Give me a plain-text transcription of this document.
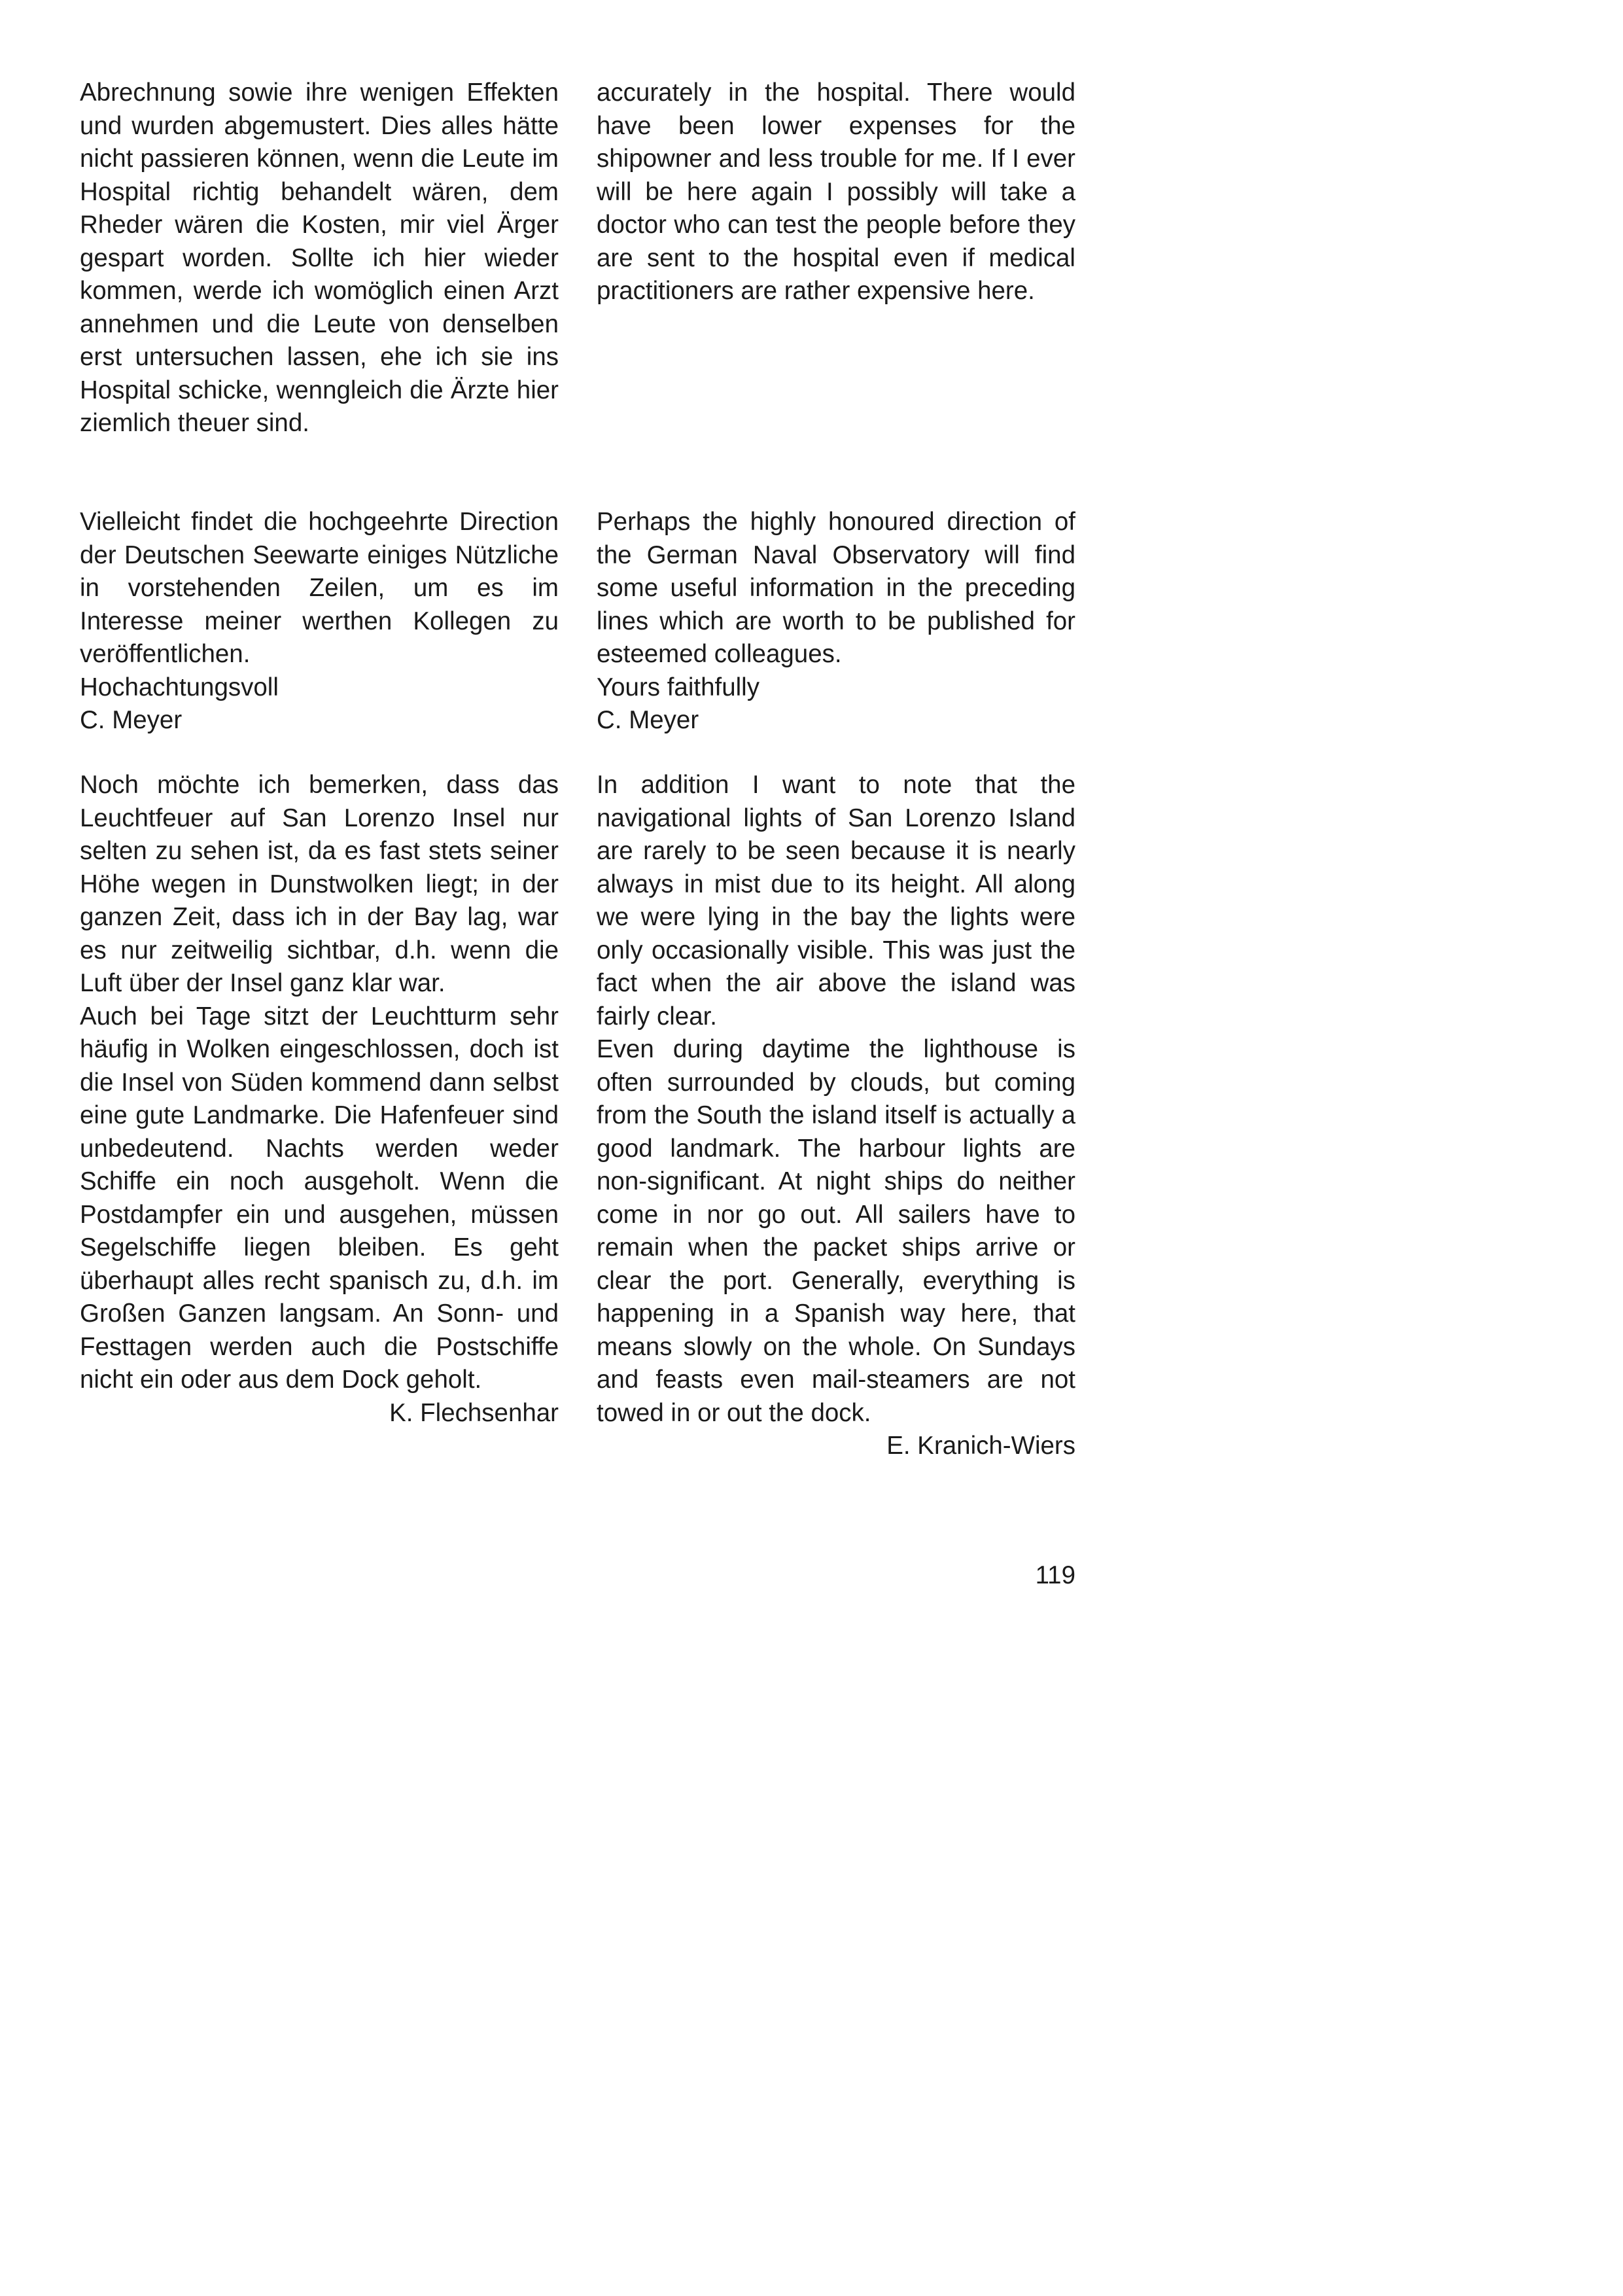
Abrechnung sowie ihre wenigen Effekten und wurden abgemustert. Dies alles hätte nicht passieren können, wenn die Leute im Hospital richtig behandelt wären, dem Rheder wären die Kosten, mir viel Ärger gespart worden. Sollte ich hier wieder kommen, werde ich womöglich einen Arzt annehmen und die Leute von denselben erst untersuchen lassen, ehe ich sie ins Hospital schicke, wenngleich die Ärzte hier ziemlich theuer sind.

Vielleicht findet die hochgeehrte Direction der Deutschen Seewarte einiges Nützliche in vorstehenden Zeilen, um es im Interesse meiner werthen Kollegen zu veröffentlichen.

Hochachtungsvoll
C. Meyer

Noch möchte ich bemerken, dass das Leuchtfeuer auf San Lorenzo Insel nur selten zu sehen ist, da es fast stets seiner Höhe wegen in Dunstwolken liegt; in der ganzen Zeit, dass ich in der Bay lag, war es nur zeitweilig sichtbar, d.h. wenn die Luft über der Insel ganz klar war.

Auch bei Tage sitzt der Leuchtturm sehr häufig in Wolken eingeschlossen, doch ist die Insel von Süden kommend dann selbst eine gute Landmarke. Die Hafenfeuer sind unbedeutend. Nachts werden weder Schiffe ein noch ausgeholt. Wenn die Postdampfer ein und ausgehen, müssen Segelschiffe liegen bleiben. Es geht überhaupt alles recht spanisch zu, d.h. im Großen Ganzen langsam. An Sonn- und Festtagen werden auch die Postschiffe nicht ein oder aus dem Dock geholt.

K. Flechsenhar

accurately in the hospital. There would have been lower expenses for the shipowner and less trouble for me. If I ever will be here again I possibly will take a doctor who can test the people before they are sent to the hospital even if medical practitioners are rather expensive here.

Perhaps the highly honoured direction of the German Naval Observatory will find some useful information in the preceding lines which are worth to be published for esteemed colleagues.

Yours faithfully
C. Meyer

In addition I want to note that the navigational lights of San Lorenzo Island are rarely to be seen because it is nearly always in mist due to its height. All along we were lying in the bay the lights were only occasionally visible. This was just the fact when the air above the island was fairly clear.

Even during daytime the lighthouse is often surrounded by clouds, but coming from the South the island itself is actually a good landmark. The harbour lights are non-significant. At night ships do neither come in nor go out. All sailers have to remain when the packet ships arrive or clear the port. Generally, everything is happening in a Spanish way here, that means slowly on the whole. On Sundays and feasts even mail-steamers are not towed in or out the dock.

E. Kranich-Wiers
119
